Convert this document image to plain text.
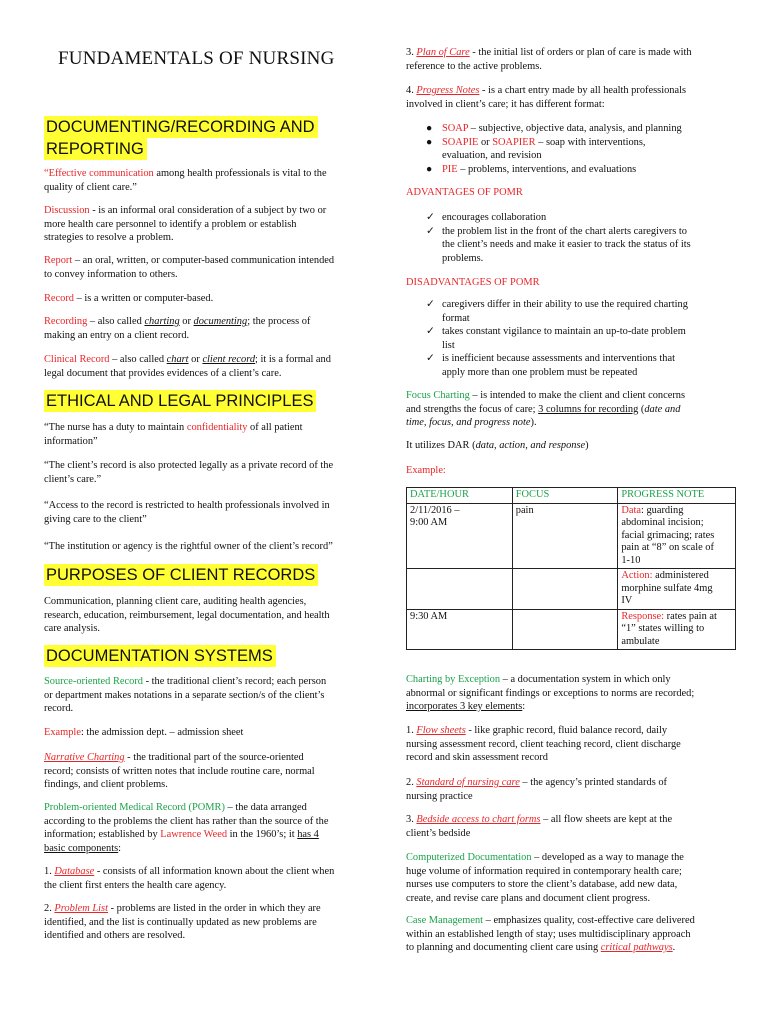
FUNDAMENTALS OF NURSING
DOCUMENTING/RECORDING AND
REPORTING
“Effective communication among health professionals is vital to the
quality of client care.”
Discussion - is an informal oral consideration of a subject by two or
more health care personnel to identify a problem or establish
strategies to resolve a problem.
Report – an oral, written, or computer-based communication intended
to convey information to others.
Record – is a written or computer-based.
Recording – also called charting or documenting; the process of
making an entry on a client record.
Clinical Record – also called chart or client record; it is a formal and
legal document that provides evidences of a client’s care.
ETHICAL AND LEGAL PRINCIPLES
“The nurse has a duty to maintain confidentiality of all patient
information”
“The client’s record is also protected legally as a private record of the
client’s care.”
“Access to the record is restricted to health professionals involved in
giving care to the client”
“The institution or agency is the rightful owner of the client’s record”
PURPOSES OF CLIENT RECORDS
Communication, planning client care, auditing health agencies,
research, education, reimbursement, legal documentation, and health
care analysis.
DOCUMENTATION SYSTEMS
Source-oriented Record - the traditional client’s record; each person
or department makes notations in a separate section/s of the client’s
record.
Example: the admission dept. – admission sheet
Narrative Charting - the traditional part of the source-oriented
record; consists of written notes that include routine care, normal
findings, and client problems.
Problem-oriented Medical Record (POMR) – the data arranged
according to the problems the client has rather than the source of the
information; established by Lawrence Weed in the 1960’s; it has 4
basic components:
1. Database - consists of all information known about the client when
the client first enters the health care agency.
2. Problem List - problems are listed in the order in which they are
identified, and the list is continually updated as new problems are
identified and others are resolved.
3. Plan of Care - the initial list of orders or plan of care is made with
reference to the active problems.
4. Progress Notes - is a chart entry made by all health professionals
involved in client’s care; it has different format:
● SOAP – subjective, objective data, analysis, and planning
● SOAPIE or SOAPIER – soap with interventions,
evaluation, and revision
● PIE – problems, interventions, and evaluations
ADVANTAGES OF POMR
✓ encourages collaboration
✓ the problem list in the front of the chart alerts caregivers to
the client’s needs and make it easier to track the status of its
problems.
DISADVANTAGES OF POMR
✓ caregivers differ in their ability to use the required charting
format
✓ takes constant vigilance to maintain an up-to-date problem
list
✓ is inefficient because assessments and interventions that
apply more than one problem must be repeated
Focus Charting – is intended to make the client and client concerns
and strengths the focus of care; 3 columns for recording (date and
time, focus, and progress note).
It utilizes DAR (data, action, and response)
Example:
DATE/HOUR	FOCUS	PROGRESS NOTE
2/11/2016 –
9:00 AM	pain	Data: guarding
abdominal incision;
facial grimacing; rates
pain at “8” on scale of
1-10
		Action: administered
morphine sulfate 4mg
IV
9:30 AM		Response: rates pain at
“1” states willing to
ambulate
Charting by Exception – a documentation system in which only
abnormal or significant findings or exceptions to norms are recorded;
incorporates 3 key elements:
1. Flow sheets - like graphic record, fluid balance record, daily
nursing assessment record, client teaching record, client discharge
record and skin assessment record
2. Standard of nursing care – the agency’s printed standards of
nursing practice
3. Bedside access to chart forms – all flow sheets are kept at the
client’s bedside
Computerized Documentation – developed as a way to manage the
huge volume of information required in contemporary health care;
nurses use computers to store the client’s database, add new data,
create, and revise care plans and document client progress.
Case Management – emphasizes quality, cost-effective care delivered
within an established length of stay; uses multidisciplinary approach
to planning and documenting client care using critical pathways.
